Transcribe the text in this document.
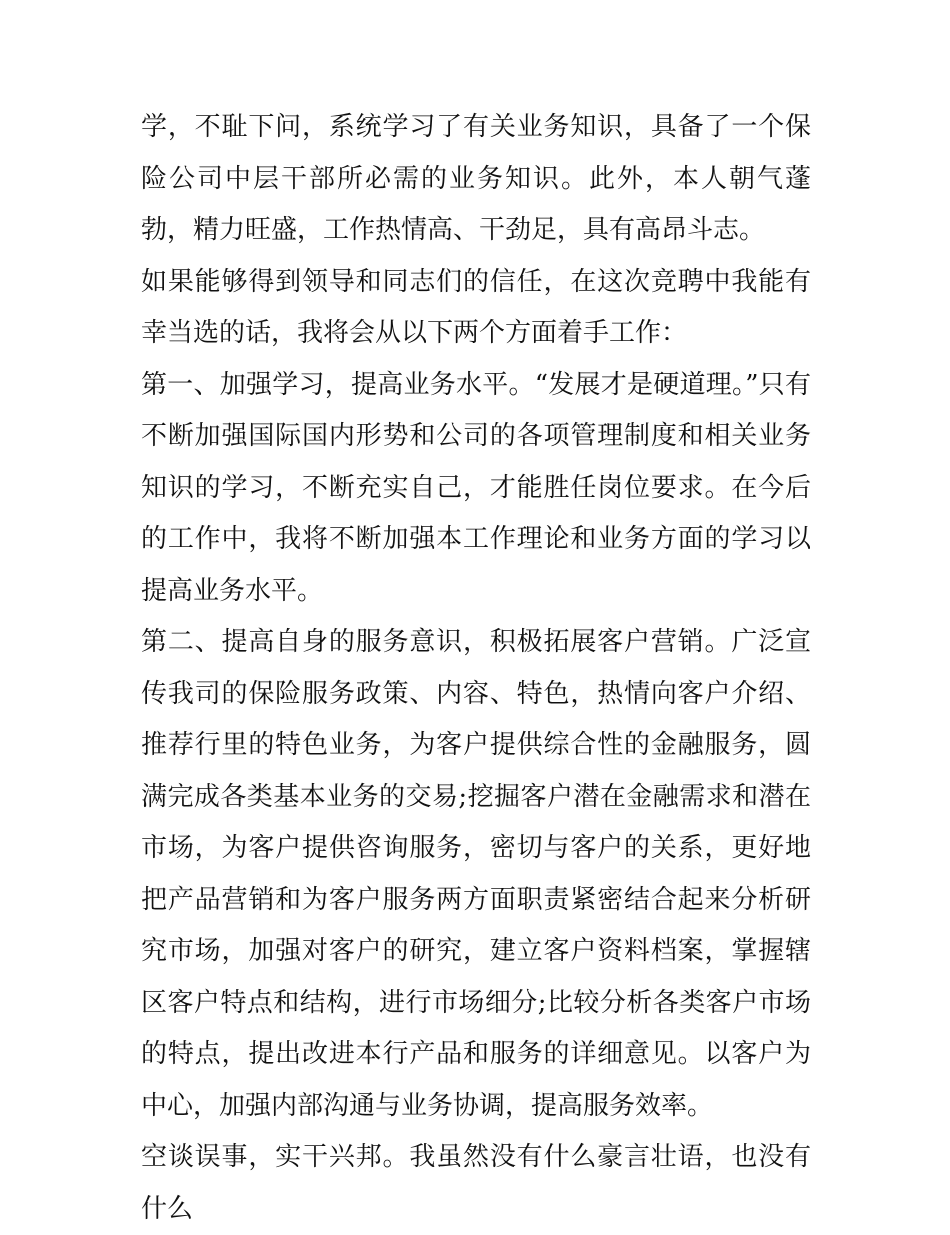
学，不耻下问，系统学习了有关业务知识，具备了一个保险公司中层干部所必需的业务知识。此外，本人朝气蓬勃，精力旺盛，工作热情高、干劲足，具有高昂斗志。

如果能够得到领导和同志们的信任，在这次竞聘中我能有幸当选的话，我将会从以下两个方面着手工作：

第一、加强学习，提高业务水平。“发展才是硬道理。”只有不断加强国际国内形势和公司的各项管理制度和相关业务知识的学习，不断充实自己，才能胜任岗位要求。在今后的工作中，我将不断加强本工作理论和业务方面的学习以提高业务水平。

第二、提高自身的服务意识，积极拓展客户营销。广泛宣传我司的保险服务政策、内容、特色，热情向客户介绍、推荐行里的特色业务，为客户提供综合性的金融服务，圆满完成各类基本业务的交易;挖掘客户潜在金融需求和潜在市场，为客户提供咨询服务，密切与客户的关系，更好地把产品营销和为客户服务两方面职责紧密结合起来分析研究市场，加强对客户的研究，建立客户资料档案，掌握辖区客户特点和结构，进行市场细分;比较分析各类客户市场的特点，提出改进本行产品和服务的详细意见。以客户为中心，加强内部沟通与业务协调，提高服务效率。

空谈误事，实干兴邦。我虽然没有什么豪言壮语，也没有什么
